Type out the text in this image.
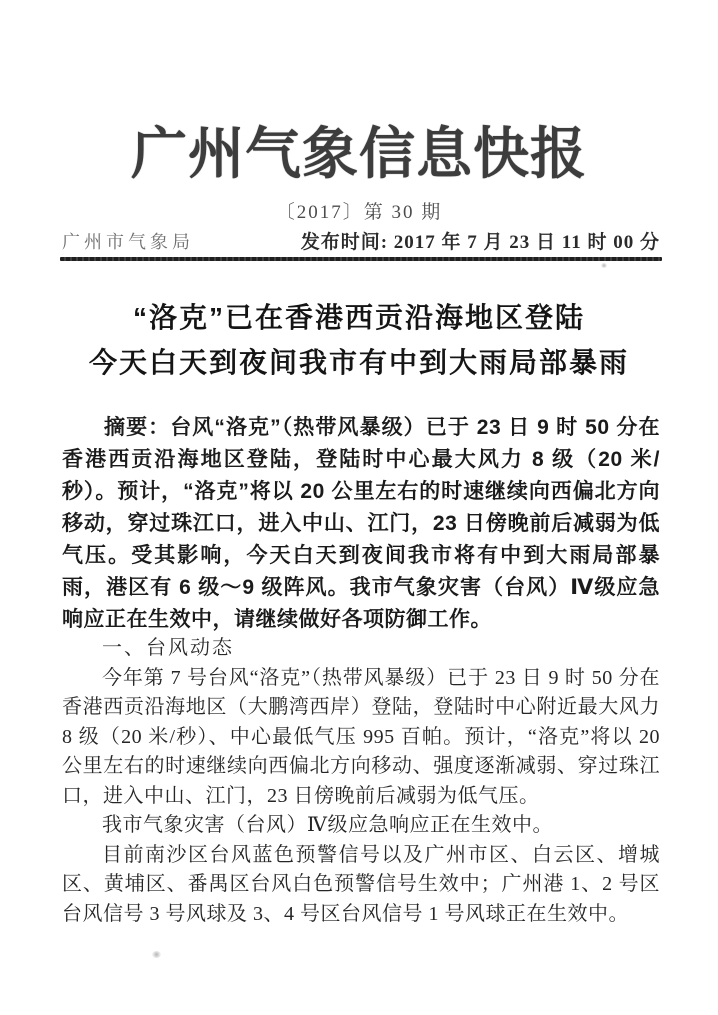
广州气象信息快报
〔2017〕第 30 期
广州市气象局	发布时间: 2017 年 7 月 23 日 11 时 00 分
“洛克”已在香港西贡沿海地区登陆
今天白天到夜间我市有中到大雨局部暴雨

摘要：台风“洛克”（热带风暴级）已于 23 日 9 时 50 分在香港西贡沿海地区登陆，登陆时中心最大风力 8 级（20 米/秒）。预计，“洛克”将以 20 公里左右的时速继续向西偏北方向移动，穿过珠江口，进入中山、江门，23 日傍晚前后减弱为低气压。受其影响，今天白天到夜间我市将有中到大雨局部暴雨，港区有 6 级～9 级阵风。我市气象灾害（台风）Ⅳ级应急响应正在生效中，请继续做好各项防御工作。

一、台风动态

今年第 7 号台风“洛克”（热带风暴级）已于 23 日 9 时 50 分在香港西贡沿海地区（大鹏湾西岸）登陆，登陆时中心附近最大风力 8 级（20 米/秒）、中心最低气压 995 百帕。预计，“洛克”将以 20 公里左右的时速继续向西偏北方向移动、强度逐渐减弱、穿过珠江口，进入中山、江门，23 日傍晚前后减弱为低气压。

我市气象灾害（台风）Ⅳ级应急响应正在生效中。

目前南沙区台风蓝色预警信号以及广州市区、白云区、增城区、黄埔区、番禺区台风白色预警信号生效中；广州港 1、2 号区台风信号 3 号风球及 3、4 号区台风信号 1 号风球正在生效中。
